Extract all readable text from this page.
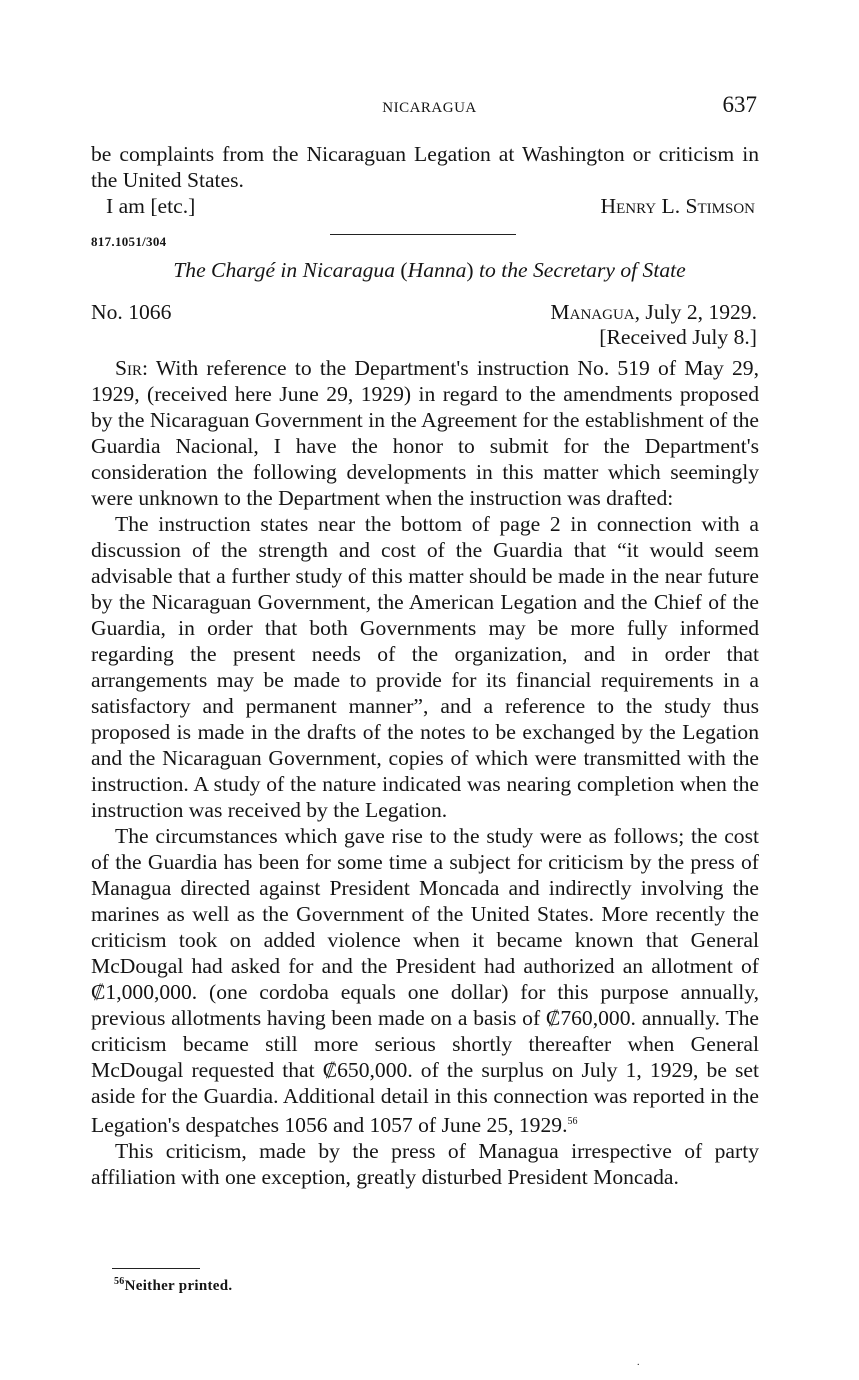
NICARAGUA	637

be complaints from the Nicaraguan Legation at Washington or criticism in the United States.

I am [etc.]	Henry L. Stimson
817.1051/304
The Chargé in Nicaragua (Hanna) to the Secretary of State
No. 1066	Managua, July 2, 1929.
[Received July 8.]

Sir: With reference to the Department's instruction No. 519 of May 29, 1929, (received here June 29, 1929) in regard to the amendments proposed by the Nicaraguan Government in the Agreement for the establishment of the Guardia Nacional, I have the honor to submit for the Department's consideration the following developments in this matter which seemingly were unknown to the Department when the instruction was drafted:

The instruction states near the bottom of page 2 in connection with a discussion of the strength and cost of the Guardia that “it would seem advisable that a further study of this matter should be made in the near future by the Nicaraguan Government, the American Legation and the Chief of the Guardia, in order that both Governments may be more fully informed regarding the present needs of the organization, and in order that arrangements may be made to provide for its financial requirements in a satisfactory and permanent manner”, and a reference to the study thus proposed is made in the drafts of the notes to be exchanged by the Legation and the Nicaraguan Government, copies of which were transmitted with the instruction. A study of the nature indicated was nearing completion when the instruction was received by the Legation.

The circumstances which gave rise to the study were as follows; the cost of the Guardia has been for some time a subject for criticism by the press of Managua directed against President Moncada and indirectly involving the marines as well as the Government of the United States. More recently the criticism took on added violence when it became known that General McDougal had asked for and the President had authorized an allotment of ₡1,000,000. (one cordoba equals one dollar) for this purpose annually, previous allotments having been made on a basis of ₡760,000. annually. The criticism became still more serious shortly thereafter when General McDougal requested that ₡650,000. of the surplus on July 1, 1929, be set aside for the Guardia. Additional detail in this connection was reported in the Legation's despatches 1056 and 1057 of June 25, 1929.56

This criticism, made by the press of Managua irrespective of party affiliation with one exception, greatly disturbed President Moncada.

$^{56}$Neither printed.
.
